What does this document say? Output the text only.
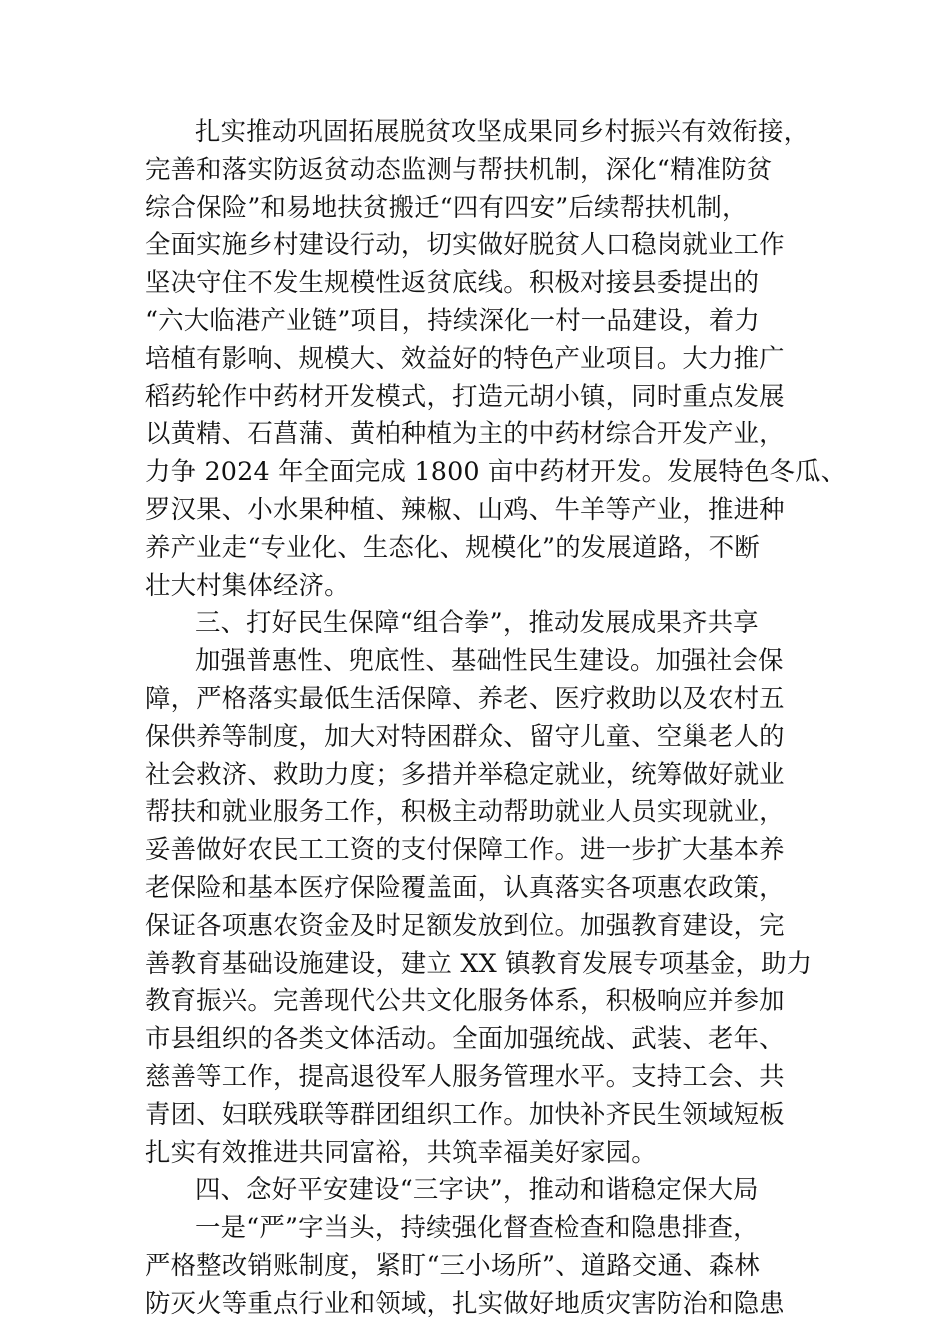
扎实推动巩固拓展脱贫攻坚成果同乡村振兴有效衔接，
完善和落实防返贫动态监测与帮扶机制，深化“精准防贫
综合保险”和易地扶贫搬迁“四有四安”后续帮扶机制，
全面实施乡村建设行动，切实做好脱贫人口稳岗就业工作
坚决守住不发生规模性返贫底线。积极对接县委提出的
“六大临港产业链”项目，持续深化一村一品建设，着力
培植有影响、规模大、效益好的特色产业项目。大力推广
稻药轮作中药材开发模式，打造元胡小镇，同时重点发展
以黄精、石菖蒲、黄柏种植为主的中药材综合开发产业，
力争 2024 年全面完成 1800 亩中药材开发。发展特色冬瓜、
罗汉果、小水果种植、辣椒、山鸡、牛羊等产业，推进种
养产业走“专业化、生态化、规模化”的发展道路，不断
壮大村集体经济。
三、打好民生保障“组合拳”，推动发展成果齐共享
加强普惠性、兜底性、基础性民生建设。加强社会保
障，严格落实最低生活保障、养老、医疗救助以及农村五
保供养等制度，加大对特困群众、留守儿童、空巢老人的
社会救济、救助力度；多措并举稳定就业，统筹做好就业
帮扶和就业服务工作，积极主动帮助就业人员实现就业，
妥善做好农民工工资的支付保障工作。进一步扩大基本养
老保险和基本医疗保险覆盖面，认真落实各项惠农政策，
保证各项惠农资金及时足额发放到位。加强教育建设，完
善教育基础设施建设，建立 XX 镇教育发展专项基金，助力
教育振兴。完善现代公共文化服务体系，积极响应并参加
市县组织的各类文体活动。全面加强统战、武装、老年、
慈善等工作，提高退役军人服务管理水平。支持工会、共
青团、妇联残联等群团组织工作。加快补齐民生领域短板
扎实有效推进共同富裕，共筑幸福美好家园。
四、念好平安建设“三字诀”，推动和谐稳定保大局
一是“严”字当头，持续强化督查检查和隐患排查，
严格整改销账制度，紧盯“三小场所”、道路交通、森林
防灭火等重点行业和领域，扎实做好地质灾害防治和隐患
